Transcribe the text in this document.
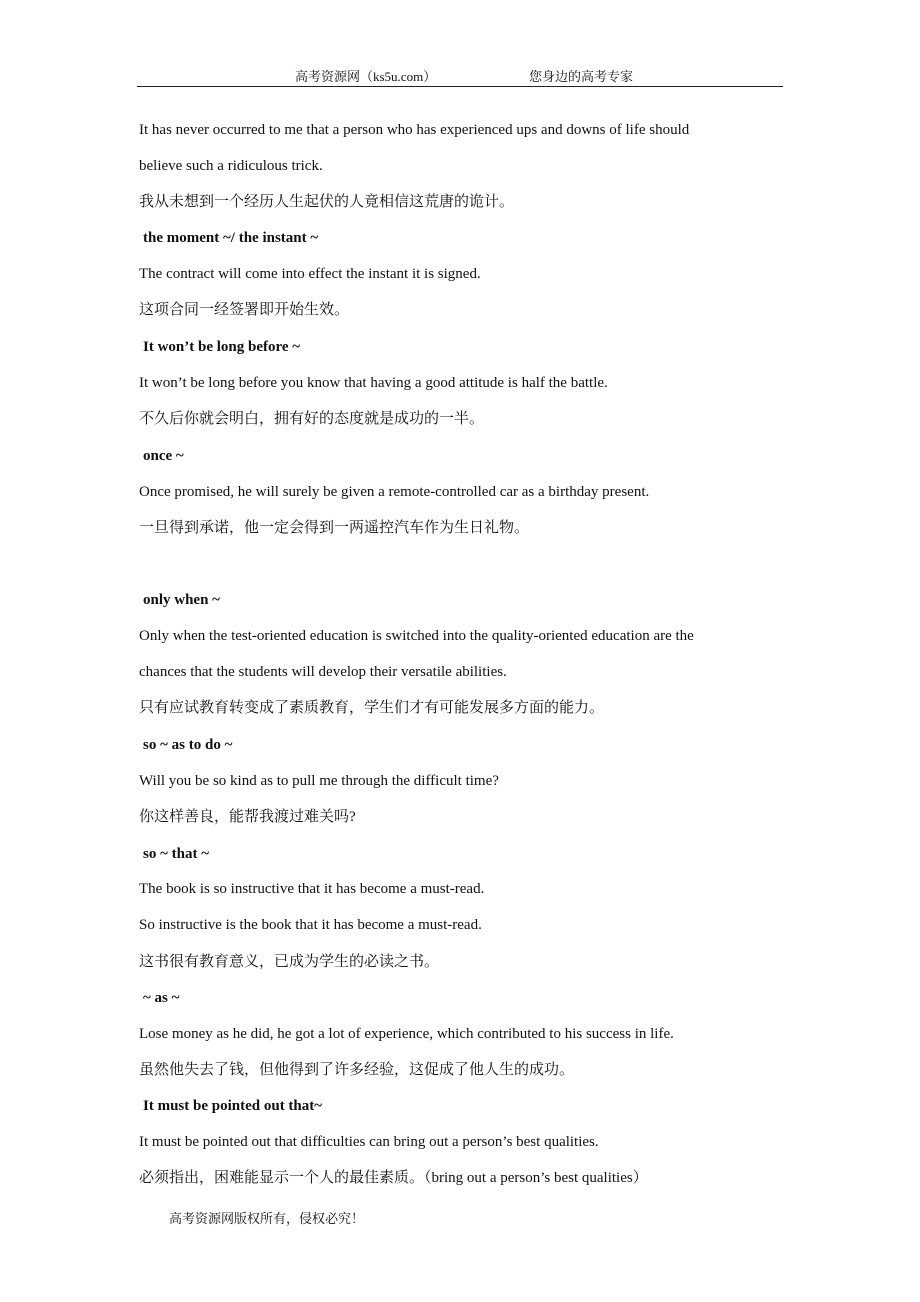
高考资源网（ks5u.com）	您身边的高考专家
It has never occurred to me that a person who has experienced ups and downs of life should
believe such a ridiculous trick.
我从未想到一个经历人生起伏的人竟相信这荒唐的诡计。
the moment ~/ the instant ~
The contract will come into effect the instant it is signed.
这项合同一经签署即开始生效。
It won’t be long before ~
It won’t be long before you know that having a good attitude is half the battle.
不久后你就会明白，拥有好的态度就是成功的一半。
once ~
Once promised, he will surely be given a remote-controlled car as a birthday present.
一旦得到承诺，他一定会得到一两遥控汽车作为生日礼物。
only when ~
Only when the test-oriented education is switched into the quality-oriented education are the
chances that the students will develop their versatile abilities.
只有应试教育转变成了素质教育，学生们才有可能发展多方面的能力。
so ~ as to do ~
Will you be so kind as to pull me through the difficult time?
你这样善良，能帮我渡过难关吗?
so ~ that ~
The book is so instructive that it has become a must-read.
So instructive is the book that it has become a must-read.
这书很有教育意义，已成为学生的必读之书。
~ as ~
Lose money as he did, he got a lot of experience, which contributed to his success in life.
虽然他失去了钱，但他得到了许多经验，这促成了他人生的成功。
It must be pointed out that~
It must be pointed out that difficulties can bring out a person’s best qualities.
必须指出，困难能显示一个人的最佳素质。（bring out a person’s best qualities）
高考资源网版权所有，侵权必究！
